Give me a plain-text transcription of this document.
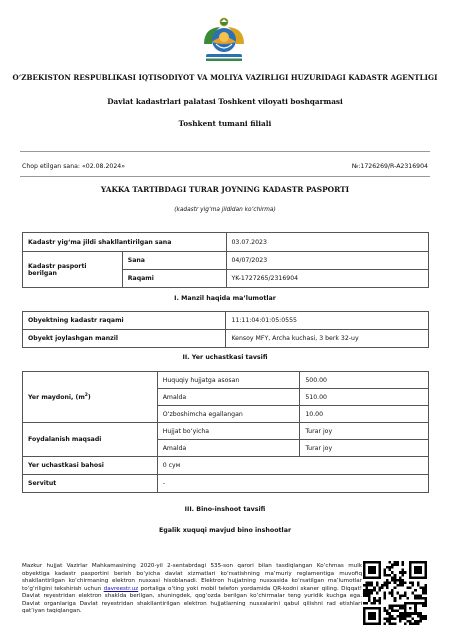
O‘ZBEKISTON RESPUBLIKASI IQTISODIYOT VA MOLIYA VAZIRLIGI HUZURIDAGI KADASTR AGENTLIGI
Davlat kadastrlari palatasi Toshkent viloyati boshqarmasi
Toshkent tumani filiali
Chop etilgan sana: «02.08.2024»	№:1726269/R-A2316904
YAKKA TARTIBDAGI TURAR JOYNING KADASTR PASPORTI
(kadastr yig‘ma jildidan ko‘chirma)
Kadastr yig‘ma jildi shakllantirilgan sana		03.07.2023
Kadastr pasporti berilgan	Sana	04/07/2023
	Raqami	YK-1727265/2316904
I. Manzil haqida ma’lumotlar
Obyektning kadastr raqami	11:11:04:01:05:0555
Obyekt joylashgan manzil	Kensoy MFY, Archa kuchasi, 3 berk 32-uy
II. Yer uchastkasi tavsifi
Yer maydoni, $(m^2)$	Huquqiy hujjatga asosan	500.00
	Amalda	510.00
	O‘zboshimcha egallangan	10.00
Foydalanish maqsadi	Hujjat bo‘yicha	Turar joy
	Amalda	Turar joy
Yer uchastkasi bahosi	0 сум	
Servitut	-	
III. Bino-inshoot tavsifi
Egalik xuquqi mavjud bino inshootlar
Mazkur hujjat Vazirlar Mahkamasining 2020-yil 2-sentabrdagi 535-son qarori bilan tasdiqlangan Ko‘chmas mulk obyektiga kadastr pasportini berish bo‘yicha davlat xizmatlari ko‘rsatishning ma’muriy reglamentiga muvofiq shakllantirilgan ko‘chirmaning elektron nusxasi hisoblanadi. Elektron hujjatning nusxasida ko‘rsatilgan ma’lumotlar to‘g‘riligini tekshirish uchun davreestr.uz portaliga o‘ting yoki mobil telefon yordamida QR-kodni skaner qiling. Diqqat! Davlat reyestridan elektron shaklda berilgan, shuningdek, qog‘ozda berilgan ko‘chirmalar teng yuridik kuchga ega. Davlat organlariga Davlat reyestridan shakllantirilgan elektron hujjatlarning nusxalarini qabul qilishni rad etishlari qat’iyan taqiqlangan.
